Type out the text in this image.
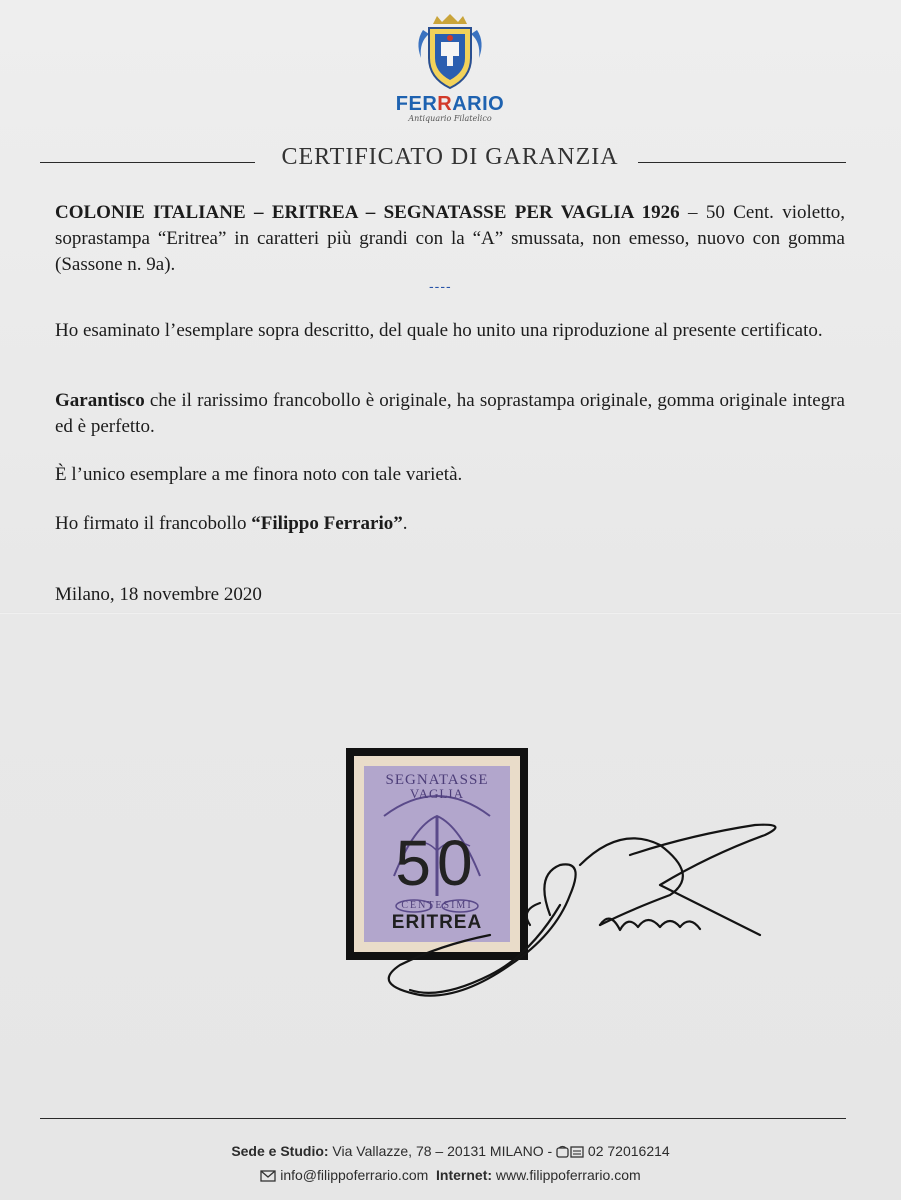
FERRARIO
Antiquario Filatelico
CERTIFICATO DI GARANZIA
COLONIE ITALIANE – ERITREA – SEGNATASSE PER VAGLIA 1926 – 50 Cent. violetto, soprastampa “Eritrea” in caratteri più grandi con la “A” smussata, non emesso, nuovo con gomma (Sassone n. 9a).
----
Ho esaminato l’esemplare sopra descritto, del quale ho unito una riproduzione al presente certificato.
Garantisco che il rarissimo francobollo è originale, ha soprastampa originale, gomma originale integra ed è perfetto.
È l’unico esemplare a me finora noto con tale varietà.
Ho firmato il francobollo “Filippo Ferrario”.
Milano, 18 novembre 2020
SEGNATASSE
VAGLIA
50
CENTESIMI
ERITREA
Sede e Studio: Via Vallazze, 78 – 20131 MILANO -  02 72016214
info@filippoferrario.com Internet: www.filippoferrario.com
